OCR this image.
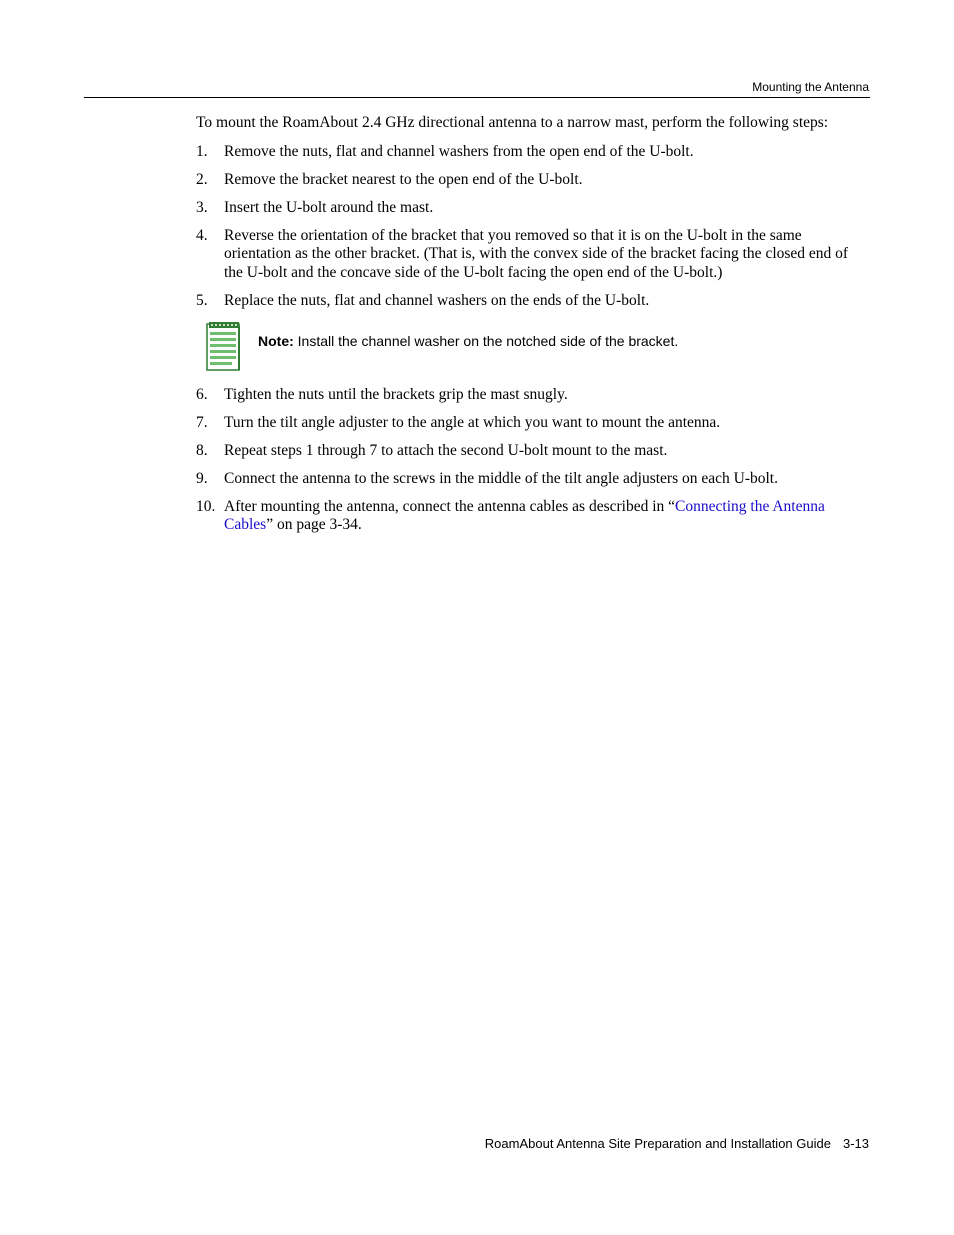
Mounting the Antenna

To mount the RoamAbout 2.4 GHz directional antenna to a narrow mast, perform the following steps:

1.	Remove the nuts, flat and channel washers from the open end of the U-bolt.
2.	Remove the bracket nearest to the open end of the U-bolt.
3.	Insert the U-bolt around the mast.
4.	Reverse the orientation of the bracket that you removed so that it is on the U-bolt in the same orientation as the other bracket. (That is, with the convex side of the bracket facing the closed end of the U-bolt and the concave side of the U-bolt facing the open end of the U-bolt.)
5.	Replace the nuts, flat and channel washers on the ends of the U-bolt.
Note: Install the channel washer on the notched side of the bracket.
6.	Tighten the nuts until the brackets grip the mast snugly.
7.	Turn the tilt angle adjuster to the angle at which you want to mount the antenna.
8.	Repeat steps 1 through 7 to attach the second U-bolt mount to the mast.
9.	Connect the antenna to the screws in the middle of the tilt angle adjusters on each U-bolt.
10. After mounting the antenna, connect the antenna cables as described in “Connecting the Antenna Cables” on page 3-34.
RoamAbout Antenna Site Preparation and Installation Guide 3-13
